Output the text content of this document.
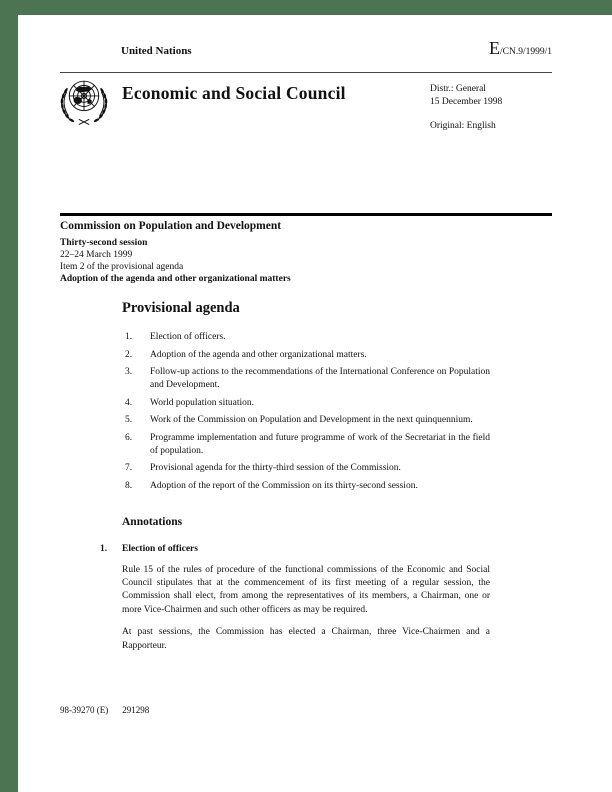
United Nations	E/CN.9/1999/1
Economic and Social Council	Distr.: General
15 December 1998
Original: English
Commission on Population and Development
Thirty-second session
22–24 March 1999
Item 2 of the provisional agenda
Adoption of the agenda and other organizational matters
Provisional agenda
1.	Election of officers.
2.	Adoption of the agenda and other organizational matters.
3.	Follow-up actions to the recommendations of the International Conference on Population and Development.
4.	World population situation.
5.	Work of the Commission on Population and Development in the next quinquennium.
6.	Programme implementation and future programme of work of the Secretariat in the field of population.
7.	Provisional agenda for the thirty-third session of the Commission.
8.	Adoption of the report of the Commission on its thirty-second session.
Annotations
1.	Election of officers

Rule 15 of the rules of procedure of the functional commissions of the Economic and Social Council stipulates that at the commencement of its first meeting of a regular session, the Commission shall elect, from among the representatives of its members, a Chairman, one or more Vice-Chairmen and such other officers as may be required.

At past sessions, the Commission has elected a Chairman, three Vice-Chairmen and a Rapporteur.

98-39270 (E) 291298
